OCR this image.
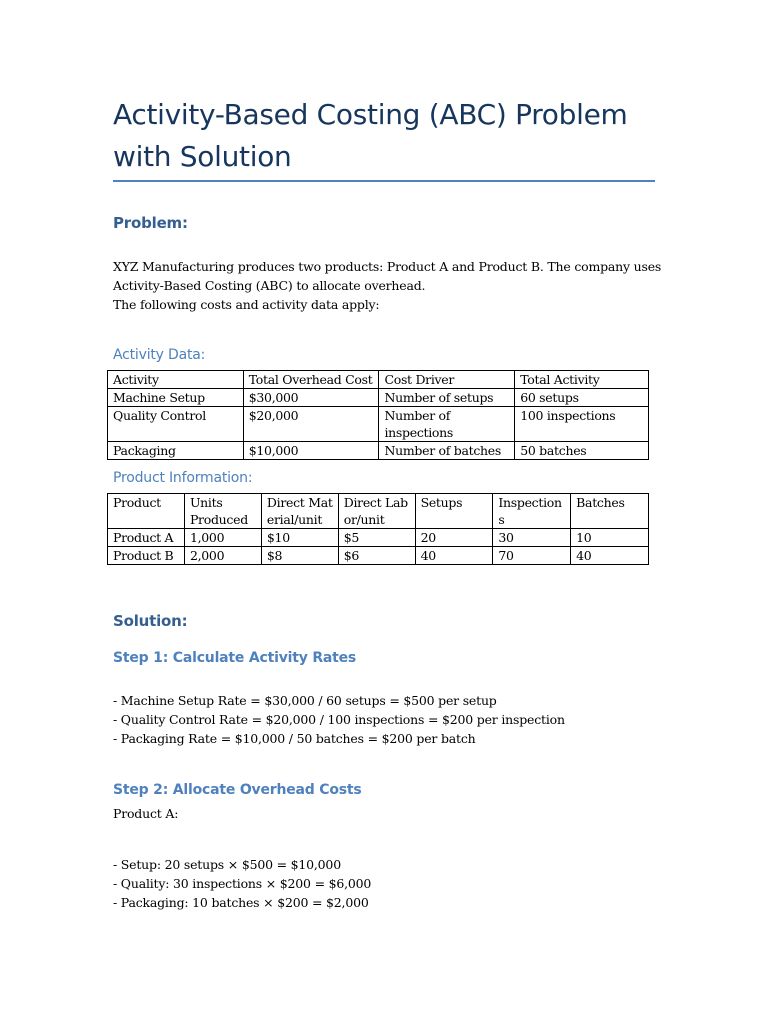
Activity-Based Costing (ABC) Problem
with Solution
Problem:
XYZ Manufacturing produces two products: Product A and Product B. The company uses
Activity-Based Costing (ABC) to allocate overhead.
The following costs and activity data apply:
Activity Data:
Activity	Total Overhead Cost	Cost Driver	Total Activity
Machine Setup	$30,000	Number of setups	60 setups
Quality Control	$20,000	Number of inspections	100 inspections
Packaging	$10,000	Number of batches	50 batches
Product Information:
Product	Units Produced	Direct Material/unit	Direct Labor/unit	Setups	Inspections	Batches
Product A	1,000	$10	$5	20	30	10
Product B	2,000	$8	$6	40	70	40
Solution:
Step 1: Calculate Activity Rates
- Machine Setup Rate = $30,000 / 60 setups = $500 per setup
- Quality Control Rate = $20,000 / 100 inspections = $200 per inspection
- Packaging Rate = $10,000 / 50 batches = $200 per batch
Step 2: Allocate Overhead Costs
Product A:
- Setup: 20 setups × $500 = $10,000
- Quality: 30 inspections × $200 = $6,000
- Packaging: 10 batches × $200 = $2,000
